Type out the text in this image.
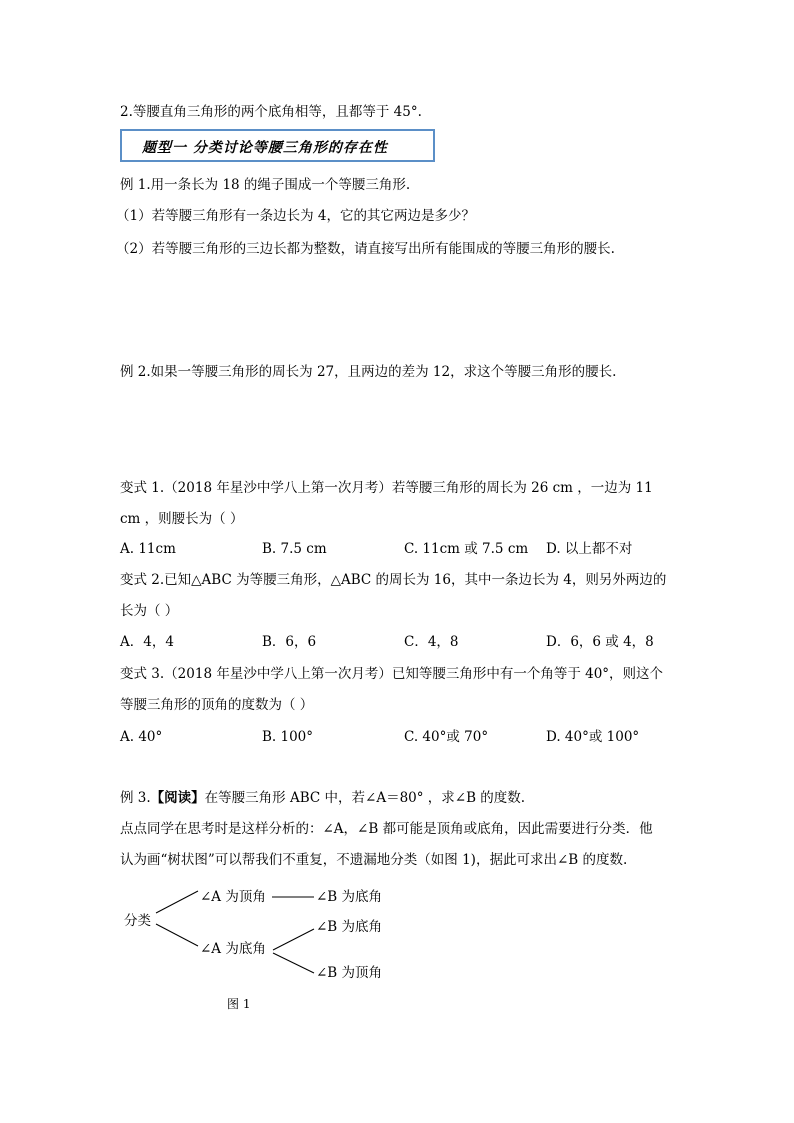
2.等腰直角三角形的两个底角相等，且都等于 45°.
题型一 分类讨论等腰三角形的存在性
例 1.用一条长为 18 的绳子围成一个等腰三角形.
（1）若等腰三角形有一条边长为 4，它的其它两边是多少？
（2）若等腰三角形的三边长都为整数，请直接写出所有能围成的等腰三角形的腰长.
例 2.如果一等腰三角形的周长为 27，且两边的差为 12，求这个等腰三角形的腰长.
变式 1.（2018 年星沙中学八上第一次月考）若等腰三角形的周长为 26 cm ，一边为 11
cm ，则腰长为（ ）
A. 11cm	B. 7.5 cm	C. 11cm 或 7.5 cm D. 以上都不对
变式 2.已知△ABC 为等腰三角形，△ABC 的周长为 16，其中一条边长为 4，则另外两边的
长为（ ）
A．4，4	B．6，6	C．4，8	D．6，6 或 4，8
变式 3.（2018 年星沙中学八上第一次月考）已知等腰三角形中有一个角等于 40°，则这个
等腰三角形的顶角的度数为（ ）
A. 40°	B. 100°	C. 40°或 70°	D. 40°或 100°
例 3.【阅读】在等腰三角形 ABC 中，若∠A＝80° ，求∠B 的度数.
点点同学在思考时是这样分析的：∠A，∠B 都可能是顶角或底角，因此需要进行分类．他
认为画“树状图”可以帮我们不重复，不遗漏地分类（如图 1)，据此可求出∠B 的度数.
分类
∠A 为顶角
∠A 为底角
∠B 为底角
∠B 为底角
∠B 为顶角
图 1
